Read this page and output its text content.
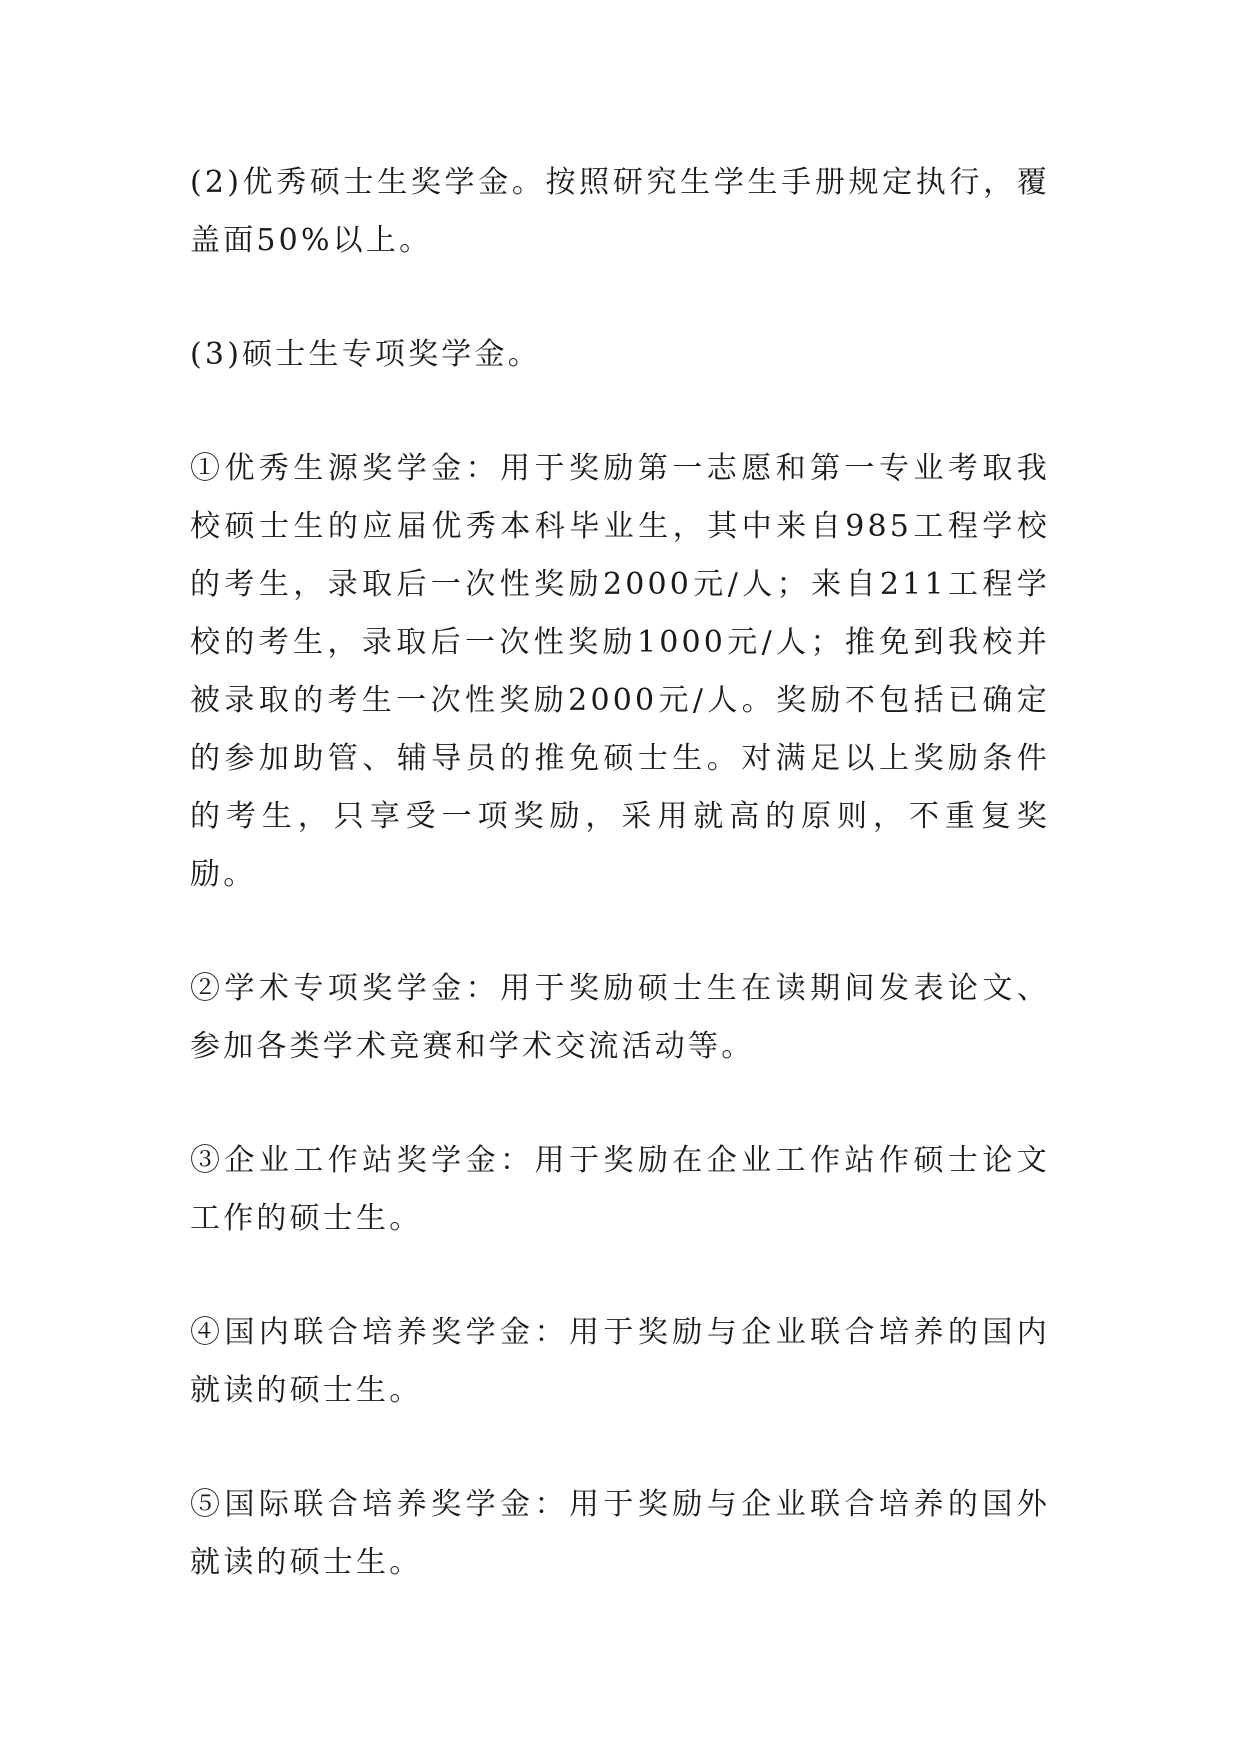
(2)优秀硕士生奖学金。按照研究生学生手册规定执行，覆盖面50%以上。

(3)硕士生专项奖学金。

①优秀生源奖学金：用于奖励第一志愿和第一专业考取我校硕士生的应届优秀本科毕业生，其中来自985工程学校的考生，录取后一次性奖励2000元/人；来自211工程学校的考生，录取后一次性奖励1000元/人；推免到我校并被录取的考生一次性奖励2000元/人。奖励不包括已确定的参加助管、辅导员的推免硕士生。对满足以上奖励条件的考生，只享受一项奖励，采用就高的原则，不重复奖励。

②学术专项奖学金：用于奖励硕士生在读期间发表论文、参加各类学术竞赛和学术交流活动等。

③企业工作站奖学金：用于奖励在企业工作站作硕士论文工作的硕士生。

④国内联合培养奖学金：用于奖励与企业联合培养的国内就读的硕士生。

⑤国际联合培养奖学金：用于奖励与企业联合培养的国外就读的硕士生。
